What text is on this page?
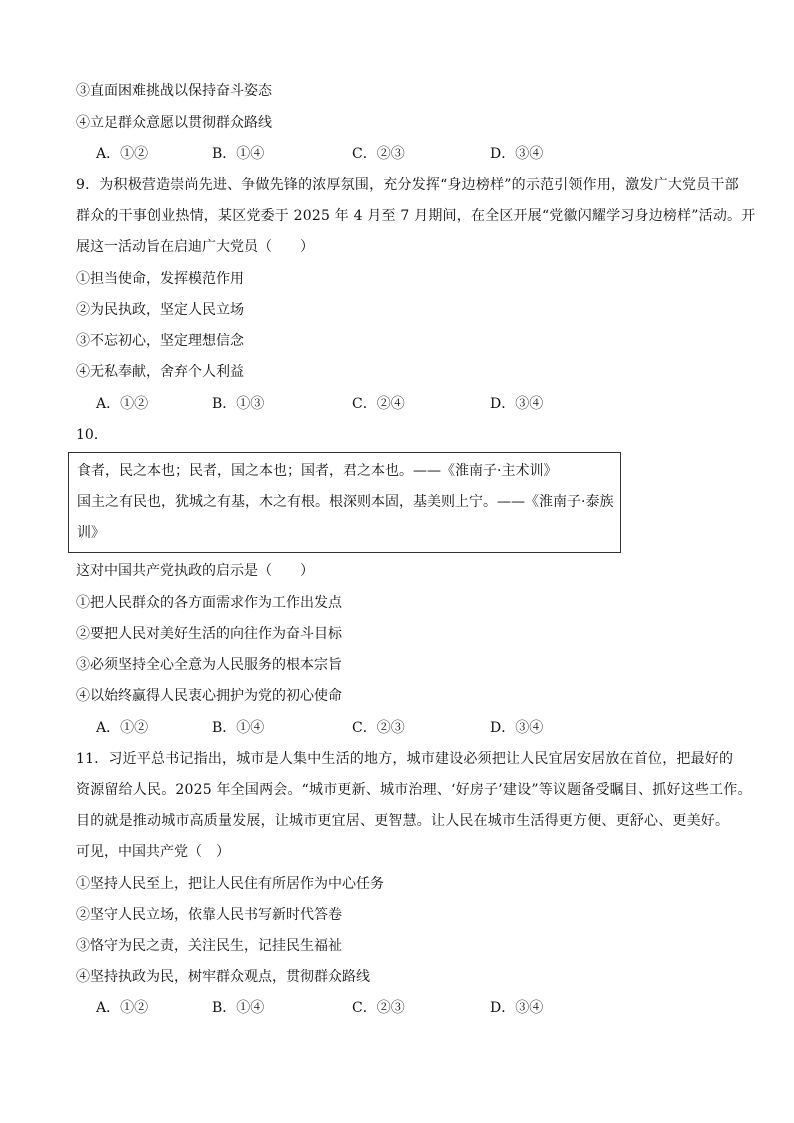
③直面困难挑战以保持奋斗姿态
④立足群众意愿以贯彻群众路线
A．①②	B．①④	C．②③	D．③④
9．为积极营造崇尚先进、争做先锋的浓厚氛围，充分发挥“身边榜样”的示范引领作用，激发广大党员干部
群众的干事创业热情，某区党委于 2025 年 4 月至 7 月期间，在全区开展“党徽闪耀学习身边榜样”活动。开
展这一活动旨在启迪广大党员（　　）
①担当使命，发挥模范作用
②为民执政，坚定人民立场
③不忘初心，坚定理想信念
④无私奉献，舍弃个人利益
A．①②	B．①③	C．②④	D．③④
10．
食者，民之本也；民者，国之本也；国者，君之本也。——《淮南子·主术训》
国主之有民也，犹城之有基，木之有根。根深则本固，基美则上宁。——《淮南子·泰族
训》
这对中国共产党执政的启示是（　　）
①把人民群众的各方面需求作为工作出发点
②要把人民对美好生活的向往作为奋斗目标
③必须坚持全心全意为人民服务的根本宗旨
④以始终赢得人民衷心拥护为党的初心使命
A．①②	B．①④	C．②③	D．③④
11．习近平总书记指出，城市是人集中生活的地方，城市建设必须把让人民宜居安居放在首位，把最好的
资源留给人民。2025 年全国两会。“城市更新、城市治理、‘好房子’建设”等议题备受瞩目、抓好这些工作。
目的就是推动城市高质量发展，让城市更宜居、更智慧。让人民在城市生活得更方便、更舒心、更美好。
可见，中国共产党（　）
①坚持人民至上，把让人民住有所居作为中心任务
②坚守人民立场，依靠人民书写新时代答卷
③恪守为民之责，关注民生，记挂民生福祉
④坚持执政为民，树牢群众观点，贯彻群众路线
A．①②	B．①④	C．②③	D．③④
